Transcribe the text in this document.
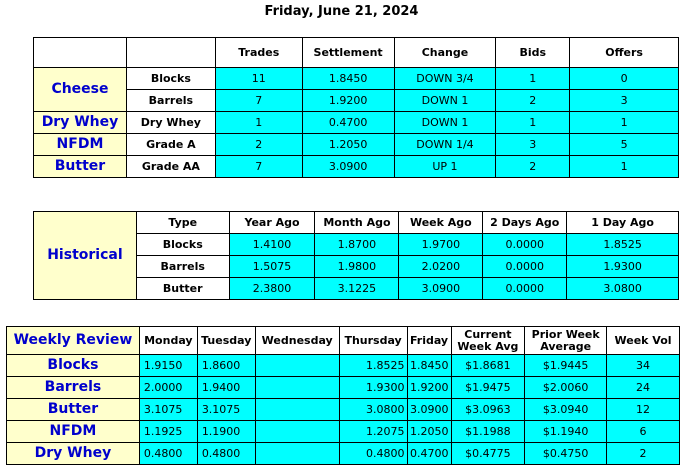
Friday, June 21, 2024
		Trades	Settlement	Change	Bids	Offers
Cheese	Blocks	11	1.8450	DOWN 3/4	1	0
	Barrels	7	1.9200	DOWN 1	2	3
Dry Whey	Dry Whey	1	0.4700	DOWN 1	1	1
NFDM	Grade A	2	1.2050	DOWN 1/4	3	5
Butter	Grade AA	7	3.0900	UP 1	2	1
Historical	Type	Year Ago	Month Ago	Week Ago	2 Days Ago	1 Day Ago
	Blocks	1.4100	1.8700	1.9700	0.0000	1.8525
	Barrels	1.5075	1.9800	2.0200	0.0000	1.9300
	Butter	2.3800	3.1225	3.0900	0.0000	3.0800
Weekly Review	Monday	Tuesday	Wednesday	Thursday	Friday	Current Week Avg	Prior Week Average	Week Vol
Blocks	1.9150	1.8600		1.8525	1.8450	$1.8681	$1.9445	34
Barrels	2.0000	1.9400		1.9300	1.9200	$1.9475	$2.0060	24
Butter	3.1075	3.1075		3.0800	3.0900	$3.0963	$3.0940	12
NFDM	1.1925	1.1900		1.2075	1.2050	$1.1988	$1.1940	6
Dry Whey	0.4800	0.4800		0.4800	0.4700	$0.4775	$0.4750	2
